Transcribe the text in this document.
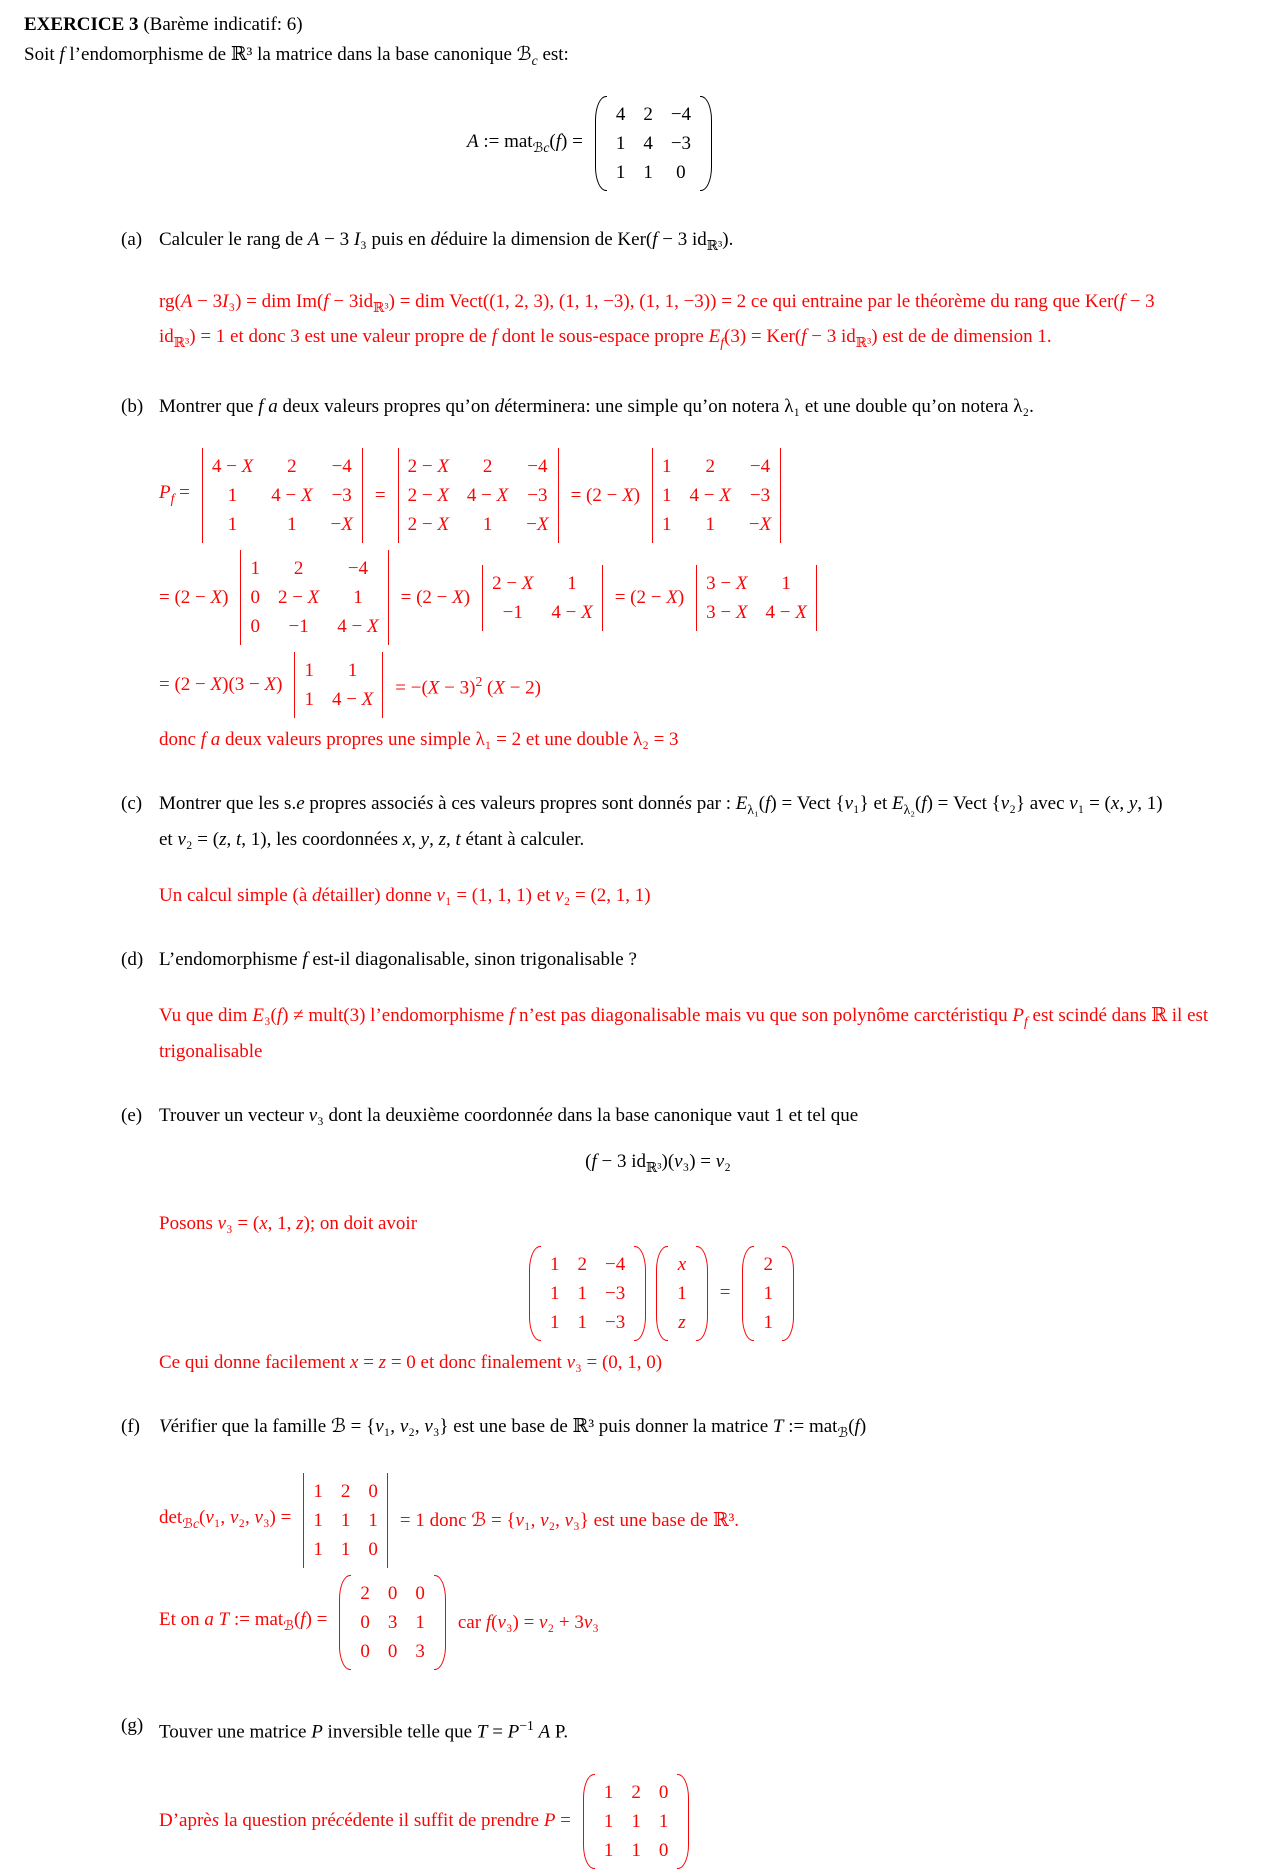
EXERCICE 3 (Barème indicatif: 6)
Soit f l’endomorphisme de ℝ³ la matrice dans la base canonique ℬ$_c$ est:
A := mat$_{ℬc}$(f) =
4 2 −4
1 4 −3
1 1 0
(a) Calculer le rang de A − 3 I₃ puis en déduire la dimension de Ker(f − 3 $id_{ℝ^3}$).
rg(A − 3I₃) = dim $Im(f - 3id_{ℝ^3})$ = dim Vect((1, 2, 3), (1, 1, −3), (1, 1, −3)) = 2 ce qui entraine par le théorème du rang que Ker(f − 3 $id_{ℝ^3}) = 1$ et donc 3 est une valeur propre de f dont le sous-espace propre $E_f(3) = Ker(f - 3$ $id_{ℝ^3}$) est de de dimension 1.
(b) Montrer que f a deux valeurs propres qu’on déterminera: une simple qu’on notera λ₁ et une double qu’on notera λ₂.
$P_f$ =
4 − X 2 −4
1 4 − X −3
1	1 −X
=
2 − X 2 −4
2 − X 4 − X −3
2 − X 1 −X
= (2 − X)
1 2 −4
1 4 − X −3
1 1 −X
= (2 − X)
1 2 −4
0 2 − X 1
0 −1 4 − X
= (2 − X)
2 − X 1
−1 4 − X
= (2 − X)
3 − X 1
3 − X 4 − X
= (2 − X)(3 − X)
1 1
1 4 − X
= $-(X - 3)^2$ (X − 2)
donc f a deux valeurs propres une simple λ₁ = 2 et une double λ₂ = 3
(c) Montrer que les s.e propres associés à ces valeurs propres sont donnés par : $E_{\lambda_1}(f)$ = Vect {v₁} et $E_{\lambda_2}(f)$ = Vect {v₂} avec v₁ = (x, y, 1) et v₂ = (z, t, 1), les coordonnées x, y, z, t étant à calculer.
Un calcul simple (à détailler) donne v₁ = (1, 1, 1) et v₂ = (2, 1, 1)
(d) L’endomorphisme f est-il diagonalisable, sinon trigonalisable ?
Vu que dim E₃(f) ≠ mult(3) l’endomorphisme f n’est pas diagonalisable mais vu que son polynôme carctéristiqu $P_f$ est scindé dans ℝ il est trigonalisable
(e) Trouver un vecteur v₃ dont la deuxième coordonnée dans la base canonique vaut 1 et tel que
(f − 3 $id_{ℝ^3})(v_3) = v_2$
Posons v₃ = (x, 1, z); on doit avoir
1 2 −4
1 1 −3
1 1 −3
x
1
z
=
2
1
1
Ce qui donne facilement x = z = 0 et donc finalement v₃ = (0, 1, 0)
(f)	Vérifier que la famille ℬ = {v₁, v₂, v₃} est une base de ℝ³ puis donner la matrice T := mat$_ℬ$(f)
$\det_{ℬc}(v_1$, v₂, v₃) =
1 2 0
1 1 1
1 1 0
= 1 donc ℬ = {v₁, v₂, v₃} est une base de ℝ³.
Et on a T := mat$_ℬ$(f) =
2 0 0
0 3 1
0 0 3
car f(v₃) = v₂ + 3v₃
(g) Touver une matrice P inversible telle que $T = P^{-1}$ A P.
D’après la question précédente il suffit de prendre P =
1 2 0
1 1 1
1 1 0
